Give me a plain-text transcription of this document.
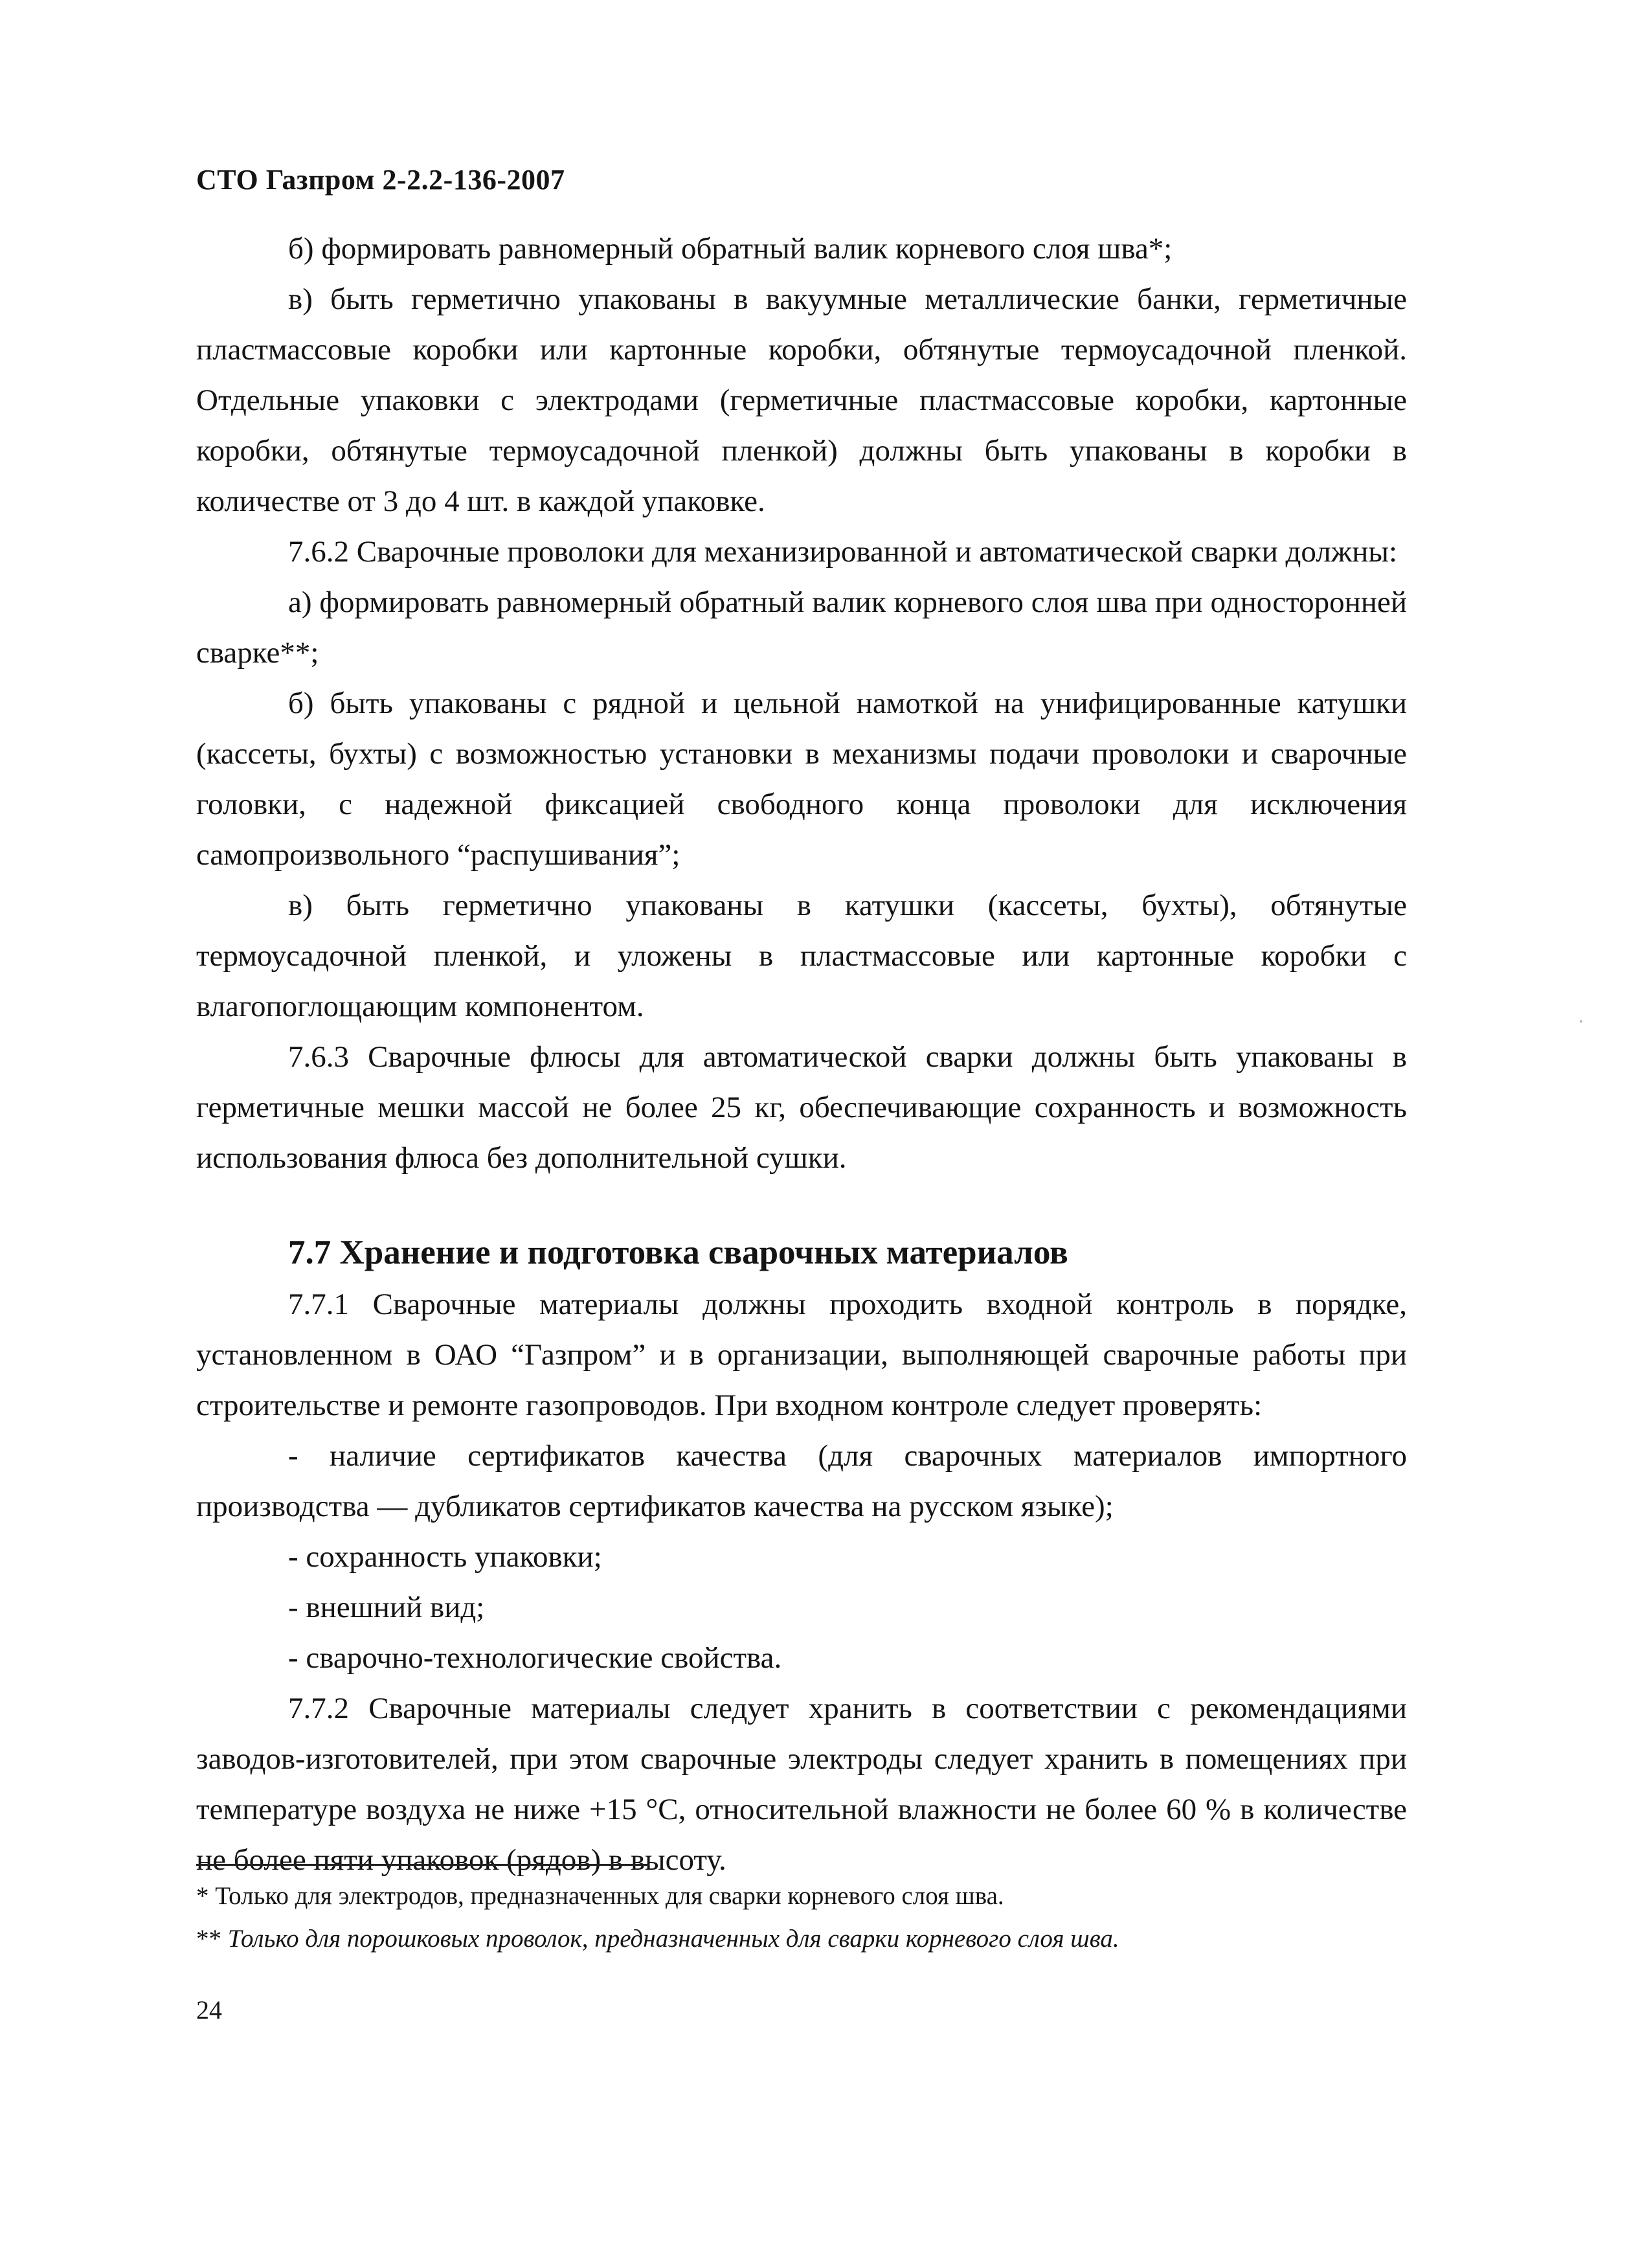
СТО Газпром 2-2.2-136-2007

б) формировать равномерный обратный валик корневого слоя шва*;

в) быть герметично упакованы в вакуумные металлические банки, герметичные пластмассовые коробки или картонные коробки, обтянутые термоусадочной пленкой. Отдельные упаковки с электродами (герметичные пластмассовые коробки, картонные коробки, обтянутые термоусадочной пленкой) должны быть упакованы в коробки в количестве от 3 до 4 шт. в каждой упаковке.

7.6.2 Сварочные проволоки для механизированной и автоматической сварки должны:

а) формировать равномерный обратный валик корневого слоя шва при односторонней сварке**;

б) быть упакованы с рядной и цельной намоткой на унифицированные катушки (кассеты, бухты) с возможностью установки в механизмы подачи проволоки и сварочные головки, с надежной фиксацией свободного конца проволоки для исключения самопроизвольного “распушивания”;

в) быть герметично упакованы в катушки (кассеты, бухты), обтянутые термоусадочной пленкой, и уложены в пластмассовые или картонные коробки с влагопоглощающим компонентом.

7.6.3 Сварочные флюсы для автоматической сварки должны быть упакованы в герметичные мешки массой не более 25 кг, обеспечивающие сохранность и возможность использования флюса без дополнительной сушки.

7.7 Хранение и подготовка сварочных материалов

7.7.1 Сварочные материалы должны проходить входной контроль в порядке, установленном в ОАО “Газпром” и в организации, выполняющей сварочные работы при строительстве и ремонте газопроводов. При входном контроле следует проверять:

- наличие сертификатов качества (для сварочных материалов импортного производства — дубликатов сертификатов качества на русском языке);

- сохранность упаковки;

- внешний вид;

- сварочно-технологические свойства.

7.7.2 Сварочные материалы следует хранить в соответствии с рекомендациями заводов-изготовителей, при этом сварочные электроды следует хранить в помещениях при температуре воздуха не ниже +15 °С, относительной влажности не более 60 % в количестве не более пяти упаковок (рядов) в высоту.

* Только для электродов, предназначенных для сварки корневого слоя шва.

** Только для порошковых проволок, предназначенных для сварки корневого слоя шва.

24
